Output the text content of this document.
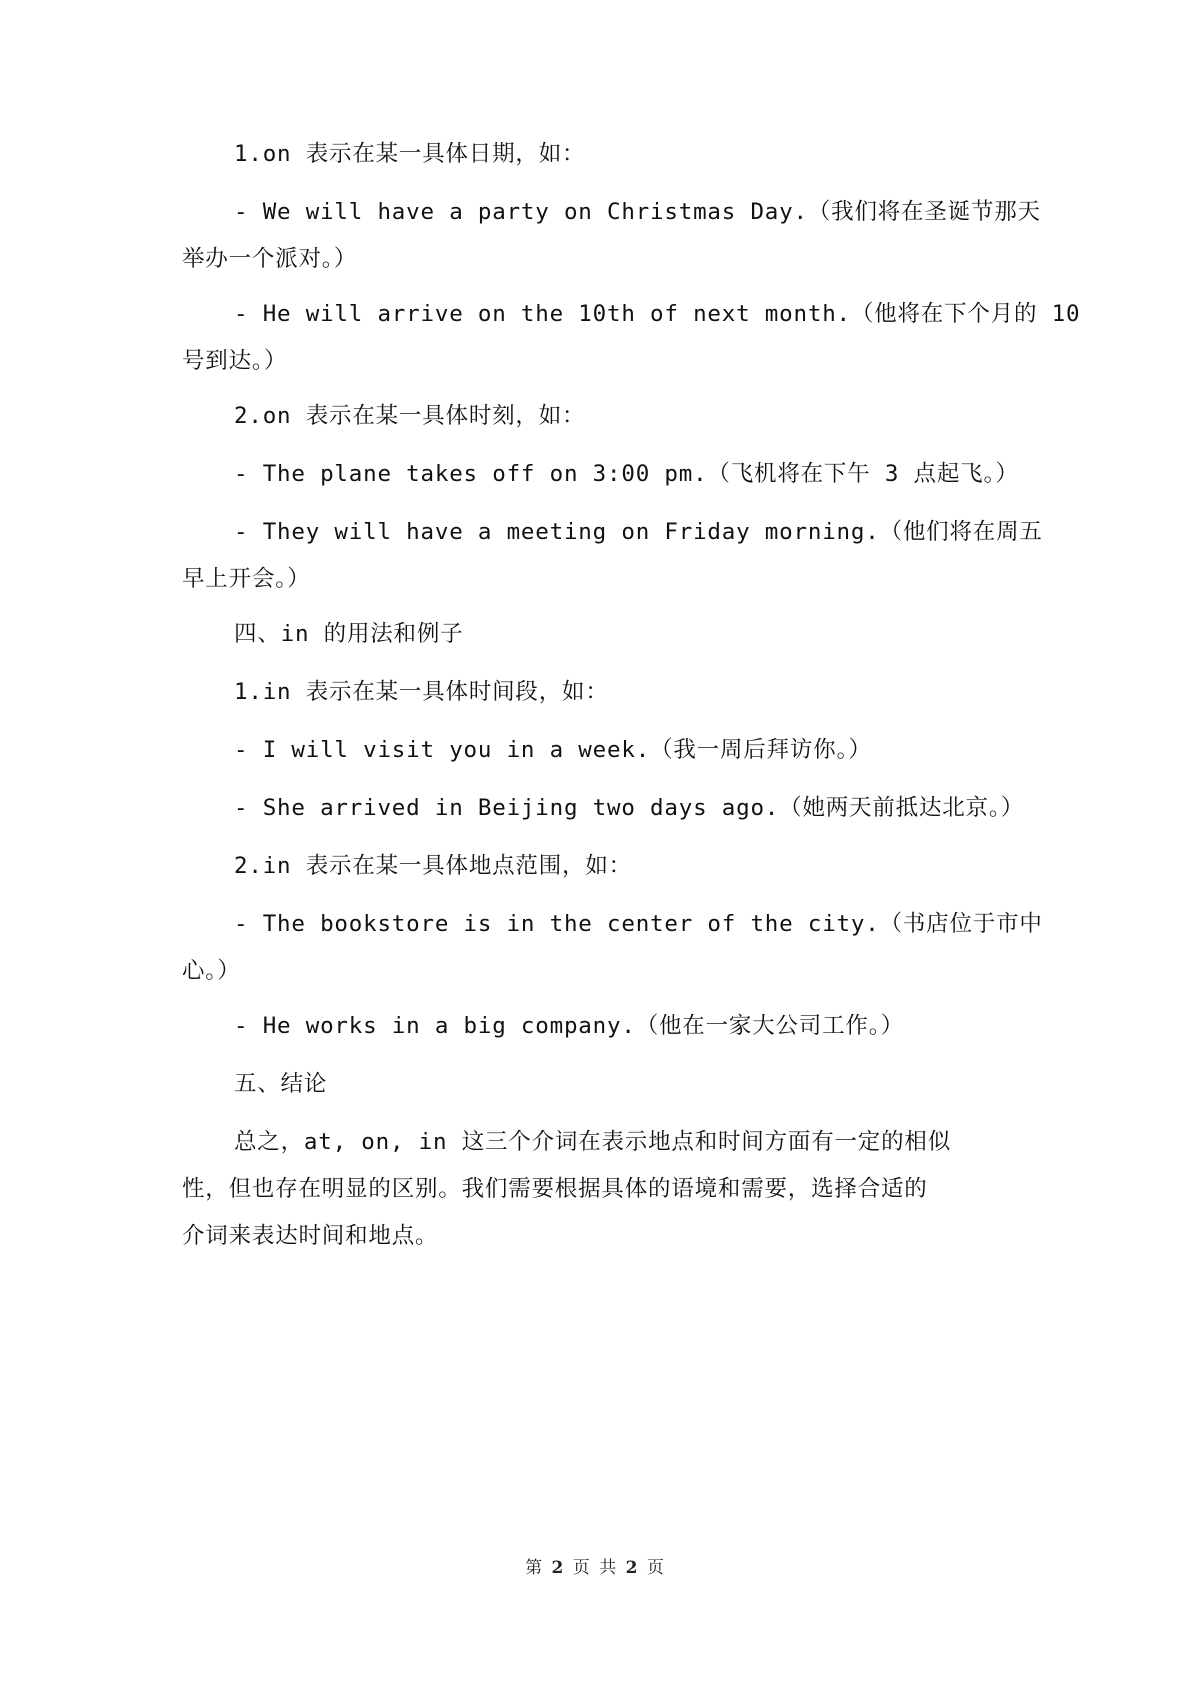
1.on 表示在某一具体日期，如：

- We will have a party on Christmas Day.（我们将在圣诞节那天
举办一个派对。）

- He will arrive on the 10th of next month.（他将在下个月的 10
号到达。）

2.on 表示在某一具体时刻，如：

- The plane takes off on 3:00 pm.（飞机将在下午 3 点起飞。）

- They will have a meeting on Friday morning.（他们将在周五
早上开会。）

四、in 的用法和例子

1.in 表示在某一具体时间段，如：

- I will visit you in a week.（我一周后拜访你。）

- She arrived in Beijing two days ago.（她两天前抵达北京。）

2.in 表示在某一具体地点范围，如：

- The bookstore is in the center of the city.（书店位于市中
心。）

- He works in a big company.（他在一家大公司工作。）

五、结论

总之，at, on, in 这三个介词在表示地点和时间方面有一定的相似
性，但也存在明显的区别。我们需要根据具体的语境和需要，选择合适的
介词来表达时间和地点。

第 2 页 共 2 页
